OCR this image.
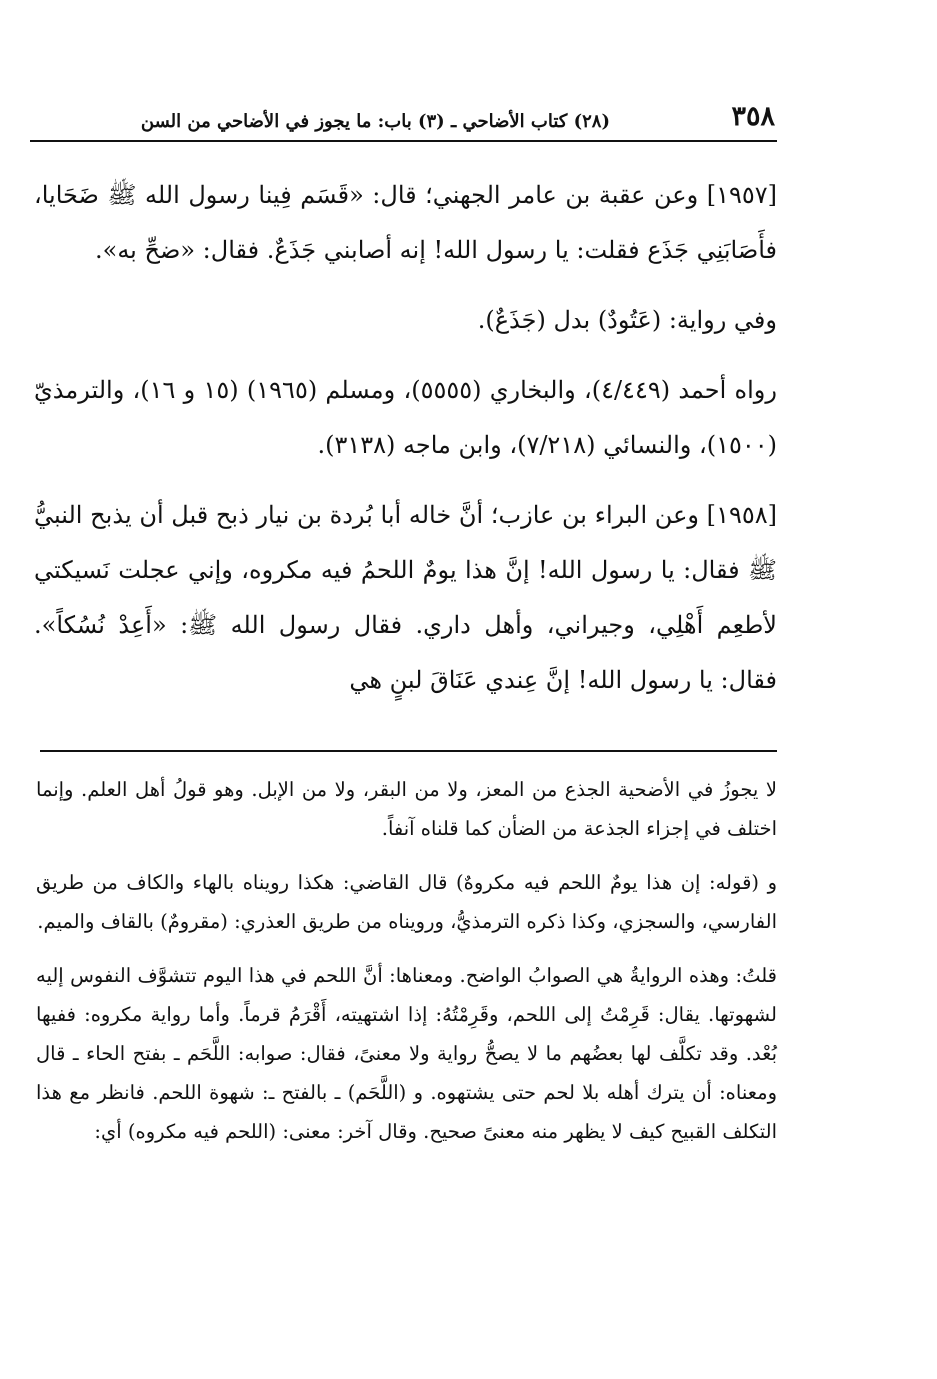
٣٥٨
(٢٨) كتاب الأضاحي ـ (٣) باب: ما يجوز في الأضاحي من السن

[١٩٥٧] وعن عقبة بن عامر الجهني؛ قال: «قَسَم فِينا رسول الله ﷺ ضَحَايا، فأَصَابَنِي جَذَع فقلت: يا رسول الله! إنه أصابني جَذَعٌ. فقال: «ضحِّ به».

وفي رواية: (عَتُودٌ) بدل (جَذَعٌ).

رواه أحمد (٤/٤٤٩)، والبخاري (٥٥٥٥)، ومسلم (١٩٦٥) (١٥ و ١٦)، والترمذيّ (١٥٠٠)، والنسائي (٧/٢١٨)، وابن ماجه (٣١٣٨).

[١٩٥٨] وعن البراء بن عازب؛ أنَّ خاله أبا بُردة بن نيار ذبح قبل أن يذبح النبيُّ ﷺ فقال: يا رسول الله! إنَّ هذا يومٌ اللحمُ فيه مكروه، وإني عجلت نَسيكتي لأطعِم أَهْلِي، وجيراني، وأهل داري. فقال رسول الله ﷺ: «أَعِدْ نُسُكاً». فقال: يا رسول الله! إنَّ عِندي عَنَاقَ لبنٍ هي

لا يجوزُ في الأضحية الجذع من المعز، ولا من البقر، ولا من الإبل. وهو قولُ أهل العلم. وإنما اختلف في إجزاء الجذعة من الضأن كما قلناه آنفاً.

و (قوله: إن هذا يومٌ اللحم فيه مكروهٌ) قال القاضي: هكذا رويناه بالهاء والكاف من طريق الفارسي، والسجزي، وكذا ذكره الترمذيُّ، ورويناه من طريق العذري: (مقرومٌ) بالقاف والميم.

قلتُ: وهذه الروايةُ هي الصوابُ الواضح. ومعناها: أنَّ اللحم في هذا اليوم تتشوَّف النفوس إليه لشهوتها. يقال: قَرِمْتُ إلى اللحم، وقَرِمْتُهُ: إذا اشتهيته، أَقْرَمُ قرماً. وأما رواية مكروه: ففيها بُعْد. وقد تكلَّف لها بعضُهم ما لا يصحُّ رواية ولا معنىً، فقال: صوابه: اللَّحَم ـ بفتح الحاء ـ قال ومعناه: أن يترك أهله بلا لحم حتى يشتهوه. و (اللَّحَم) ـ بالفتح ـ: شهوة اللحم. فانظر مع هذا التكلف القبيح كيف لا يظهر منه معنىً صحيح. وقال آخر: معنى: (اللحم فيه مكروه) أي:
